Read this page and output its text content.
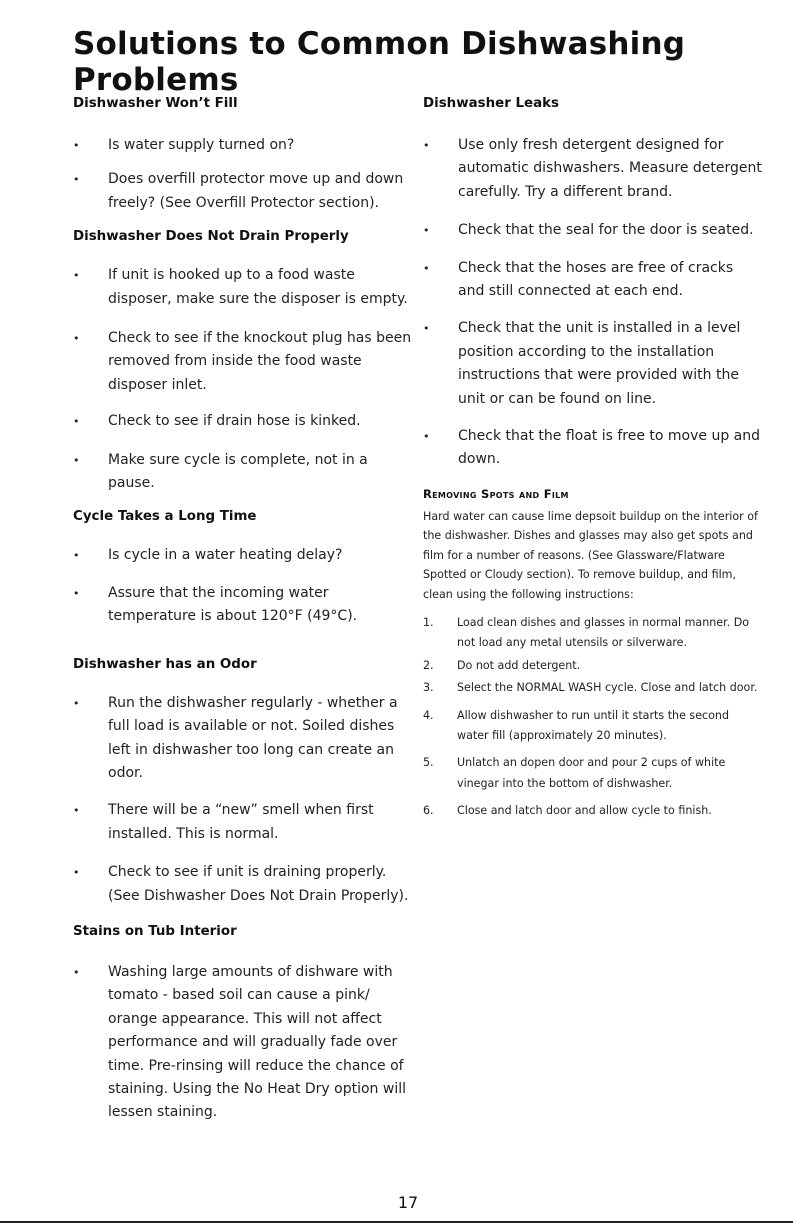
Solutions to Common Dishwashing Problems
Dishwasher Won’t Fill
• Is water supply turned on?
• Does overfill protector move up and down freely? (See Overfill Protector section).
Dishwasher Does Not Drain Properly
• If unit is hooked up to a food waste disposer, make sure the disposer is empty.
• Check to see if the knockout plug has been removed from inside the food waste disposer inlet.
• Check to see if drain hose is kinked.
• Make sure cycle is complete, not in a pause.
Cycle Takes a Long Time
• Is cycle in a water heating delay?
• Assure that the incoming water temperature is about 120°F (49°C).
Dishwasher has an Odor
• Run the dishwasher regularly - whether a full load is available or not. Soiled dishes left in dishwasher too long can create an odor.
• There will be a “new” smell when first installed. This is normal.
• Check to see if unit is draining properly. (See Dishwasher Does Not Drain Properly).
Stains on Tub Interior
• Washing large amounts of dishware with tomato - based soil can cause a pink/ orange appearance. This will not affect performance and will gradually fade over time. Pre-rinsing will reduce the chance of staining. Using the No Heat Dry option will lessen staining.
Dishwasher Leaks
• Use only fresh detergent designed for automatic dishwashers. Measure detergent carefully. Try a different brand.
• Check that the seal for the door is seated.
• Check that the hoses are free of cracks and still connected at each end.
• Check that the unit is installed in a level position according to the installation instructions that were provided with the unit or can be found on line.
• Check that the float is free to move up and down.
Removing Spots and Film
Hard water can cause lime depsoit buildup on the interior of the dishwasher. Dishes and glasses may also get spots and film for a number of reasons. (See Glassware/Flatware Spotted or Cloudy section). To remove buildup, and film, clean using the following instructions:
1. Load clean dishes and glasses in normal manner. Do not load any metal utensils or silverware.
2. Do not add detergent.
3. Select the NORMAL WASH cycle. Close and latch door.
4. Allow dishwasher to run until it starts the second water fill (approximately 20 minutes).
5. Unlatch an dopen door and pour 2 cups of white vinegar into the bottom of dishwasher.
6. Close and latch door and allow cycle to finish.
17
